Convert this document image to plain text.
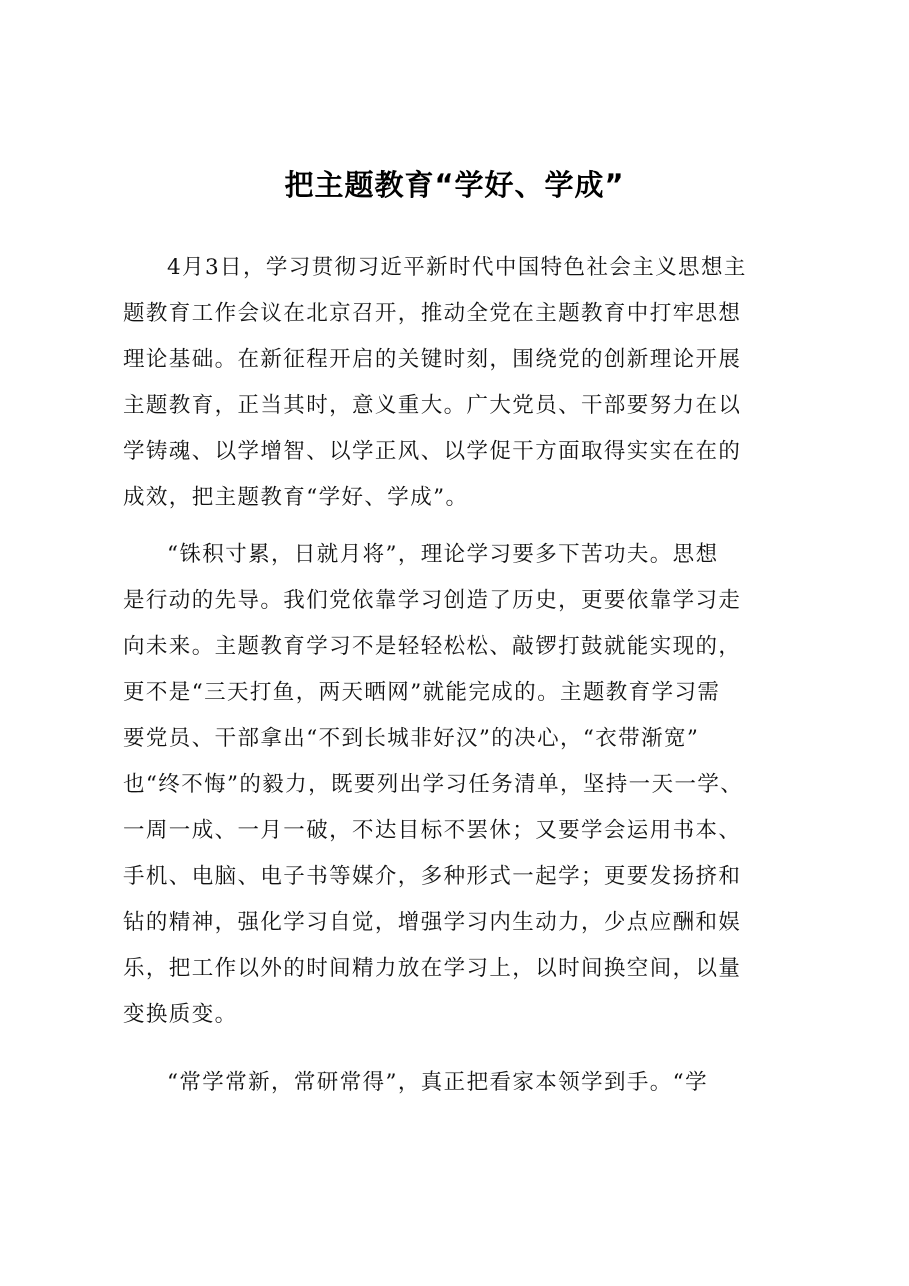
把主题教育“学好、学成”
4月3日，学习贯彻习近平新时代中国特色社会主义思想主
题教育工作会议在北京召开，推动全党在主题教育中打牢思想
理论基础。在新征程开启的关键时刻，围绕党的创新理论开展
主题教育，正当其时，意义重大。广大党员、干部要努力在以
学铸魂、以学增智、以学正风、以学促干方面取得实实在在的
成效，把主题教育“学好、学成”。
“铢积寸累，日就月将”，理论学习要多下苦功夫。思想
是行动的先导。我们党依靠学习创造了历史，更要依靠学习走
向未来。主题教育学习不是轻轻松松、敲锣打鼓就能实现的，
更不是“三天打鱼，两天晒网”就能完成的。主题教育学习需
要党员、干部拿出“不到长城非好汉”的决心，“衣带渐宽”
也“终不悔”的毅力，既要列出学习任务清单，坚持一天一学、
一周一成、一月一破，不达目标不罢休；又要学会运用书本、
手机、电脑、电子书等媒介，多种形式一起学；更要发扬挤和
钻的精神，强化学习自觉，增强学习内生动力，少点应酬和娱
乐，把工作以外的时间精力放在学习上，以时间换空间，以量
变换质变。
“常学常新，常研常得”，真正把看家本领学到手。“学
